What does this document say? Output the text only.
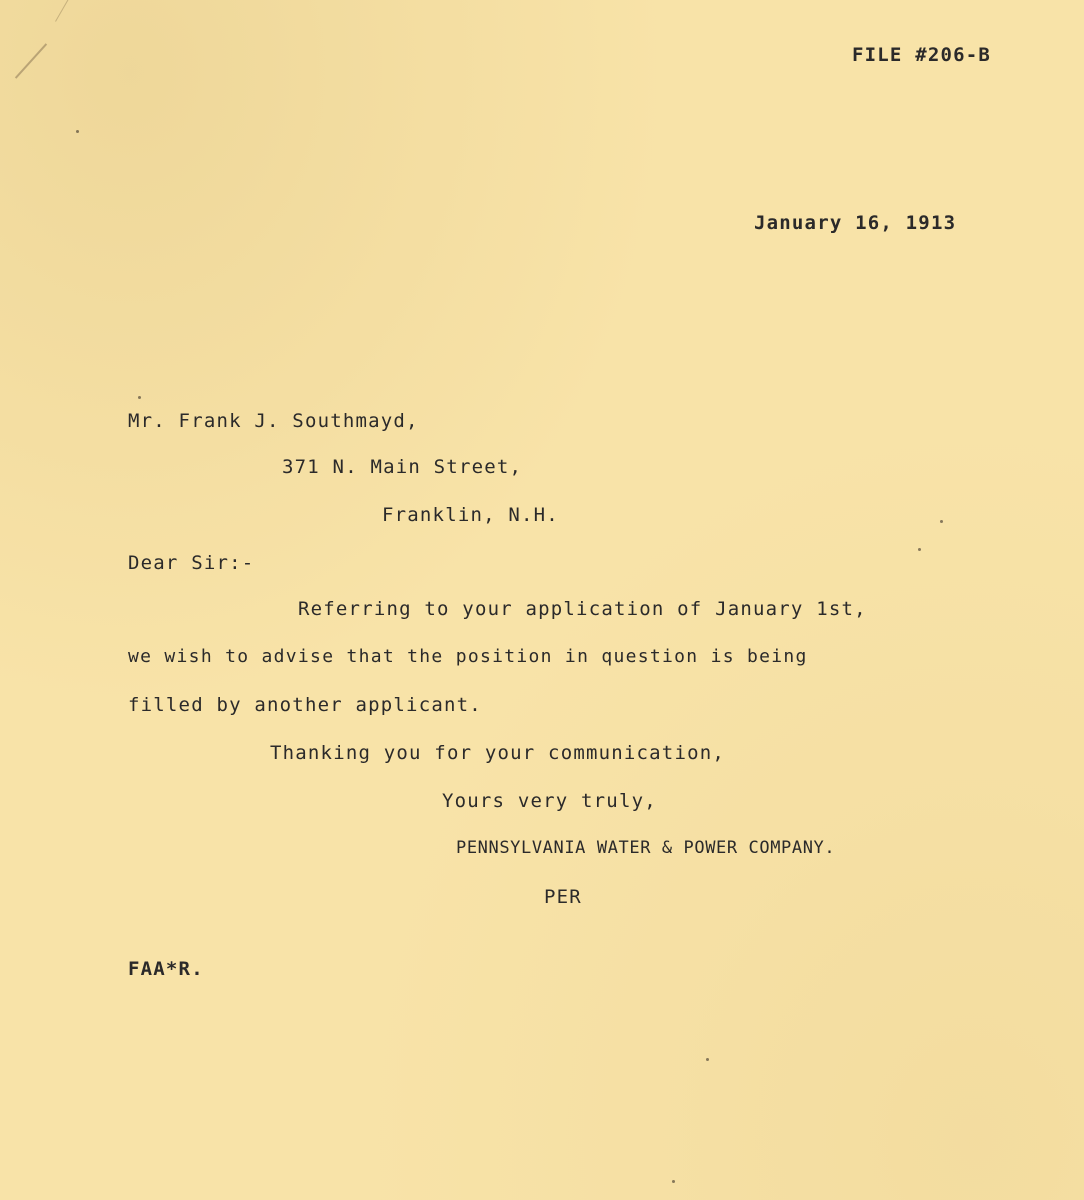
FILE #206-B
January 16, 1913
Mr. Frank J. Southmayd,
371 N. Main Street,
Franklin, N.H.
Dear Sir:-
Referring to your application of January 1st,
we wish to advise that the position in question is being
filled by another applicant.
Thanking you for your communication,
Yours very truly,
PENNSYLVANIA WATER & POWER COMPANY.
PER
FAA*R.
